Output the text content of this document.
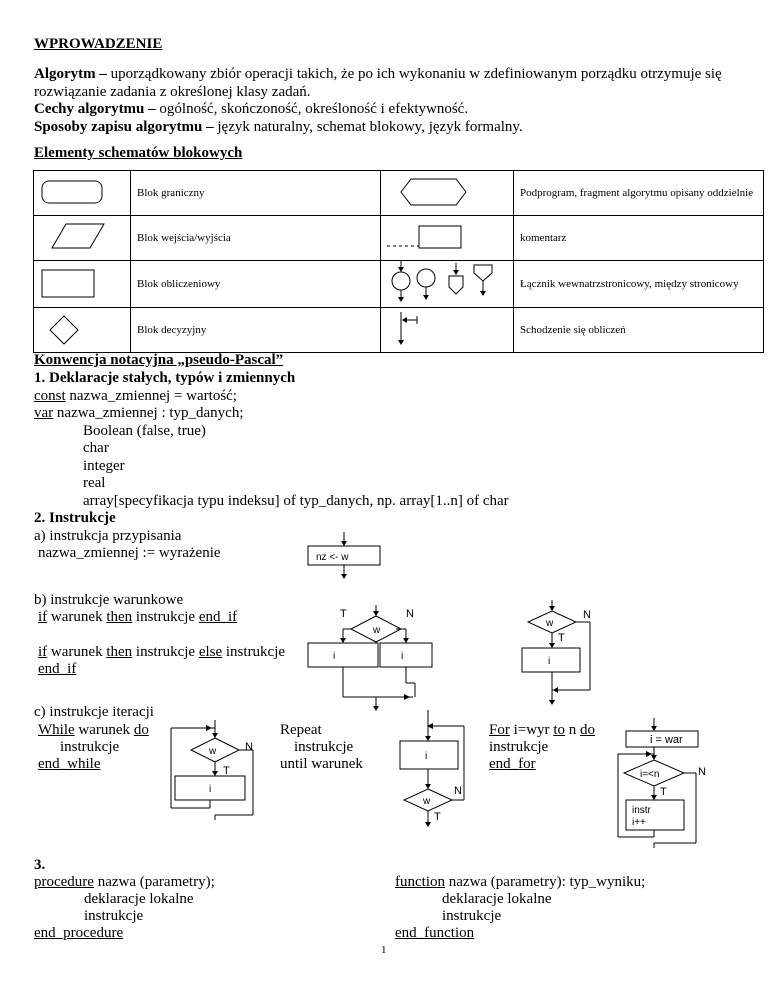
WPROWADZENIE
Algorytm – uporządkowany zbiór operacji takich, że po ich wykonaniu w zdefiniowanym porządku otrzymuje się
rozwiązanie zadania z określonej klasy zadań.
Cechy algorytmu – ogólność, skończoność, określoność i efektywność.
Sposoby zapisu algorytmu – język naturalny, schemat blokowy, język formalny.
Elementy schematów blokowych
	Blok graniczny		Podprogram, fragment algorytmu opisany oddzielnie
	Blok wejścia/wyjścia		komentarz
	Blok obliczeniowy		Łącznik wewnatrzstronicowy, między stronicowy
	Blok decyzyjny		Schodzenie się obliczeń
Konwencja notacyjna „pseudo-Pascal”
1. Deklaracje stałych, typów i zmiennych
const nazwa_zmiennej = wartość;
var nazwa_zmiennej : typ_danych;
Boolean (false, true)
char
integer
real
array[specyfikacja typu indeksu] of typ_danych, np. array[1..n] of char
2. Instrukcje
a) instrukcja przypisania
nazwa_zmiennej := wyrażenie	nz <- w
b) instrukcje warunkowe
if warunek then instrukcje end_if
if warunek then instrukcje else instrukcje
end_if
w
T	N
i	i
w
N
T
i
c) instrukcje iteracji
While warunek do
instrukcje
end_while
w	N
T
i
Repeat
instrukcje
until warunek	i
w
N
T
For i=wyr to n do
instrukcje
end_for
i = war
i=<n	N
T
instr
i++
3.
procedure nazwa (parametry);
deklaracje lokalne
instrukcje
end_procedure
function nazwa (parametry): typ_wyniku;
deklaracje lokalne
instrukcje
end_function
1
